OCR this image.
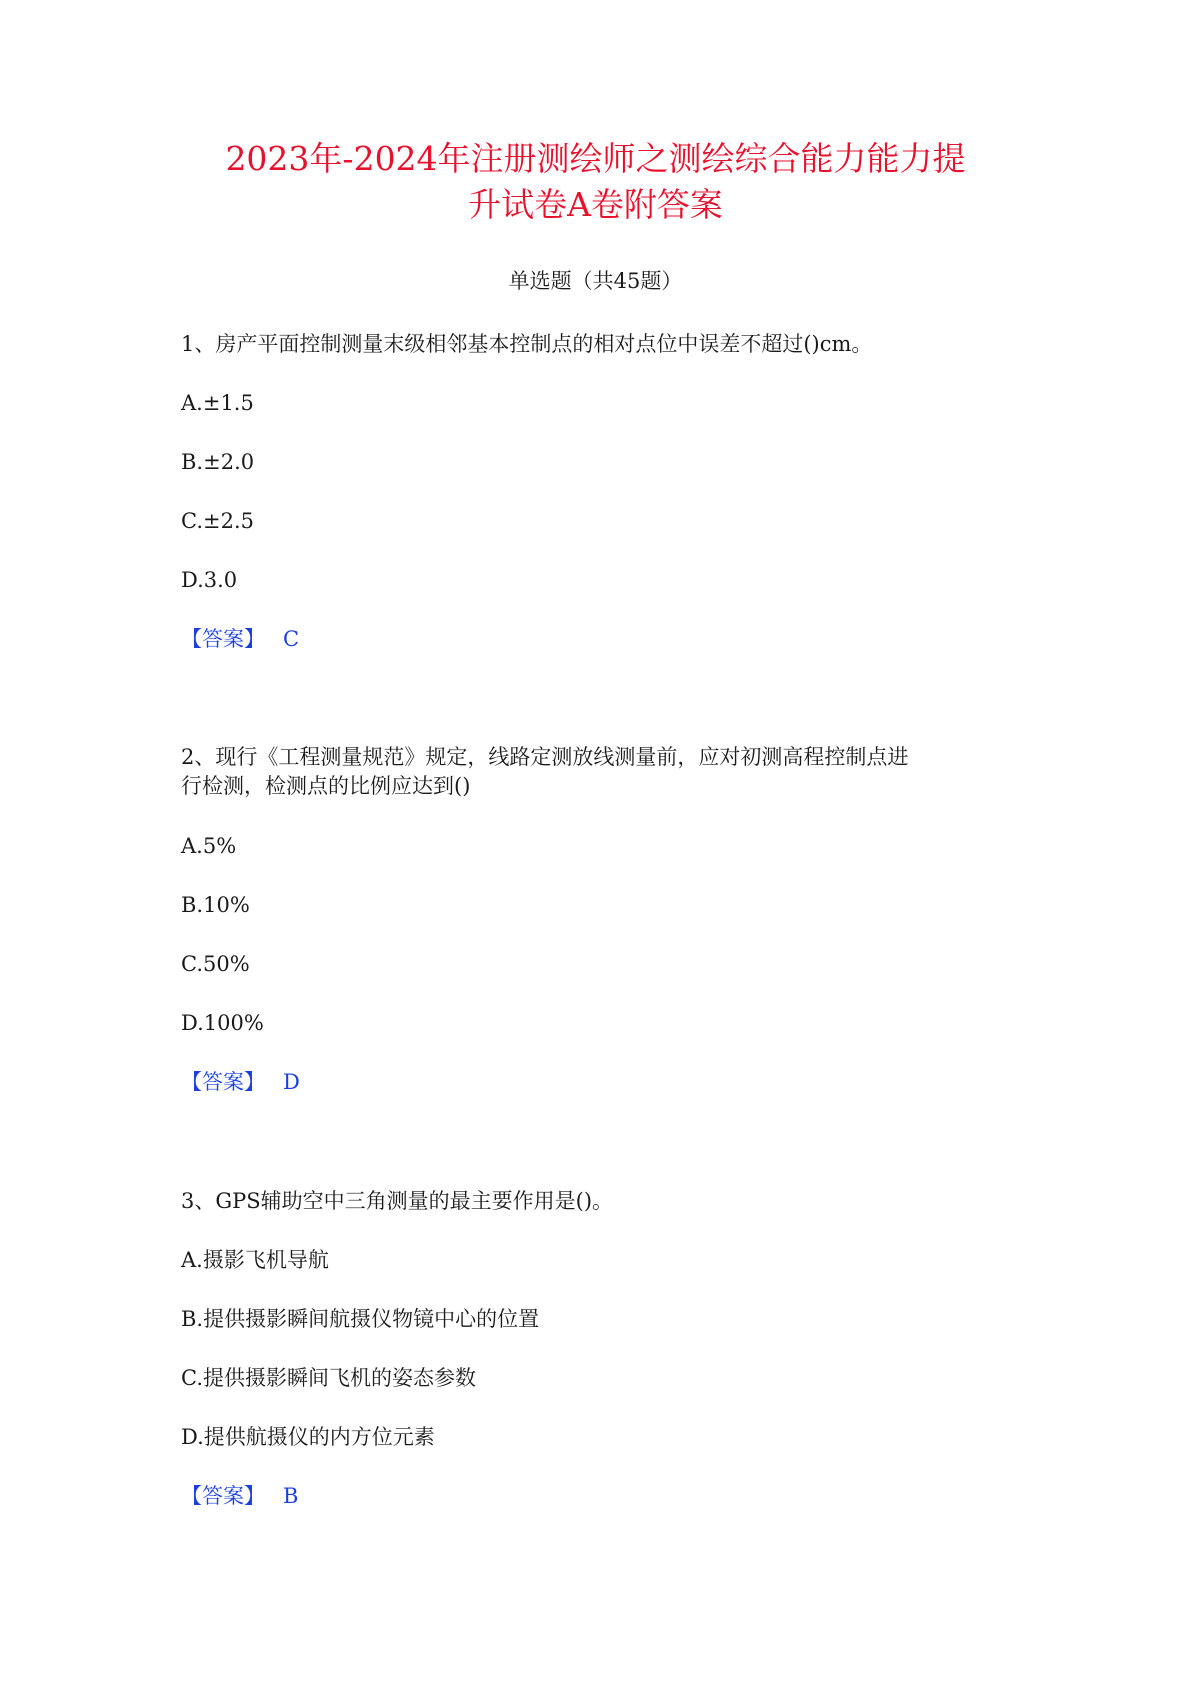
2023年-2024年注册测绘师之测绘综合能力能力提
升试卷A卷附答案
单选题（共45题）
1、房产平面控制测量末级相邻基本控制点的相对点位中误差不超过()cm。
A.±1.5
B.±2.0
C.±2.5
D.3.0
【答案】 C
2、现行《工程测量规范》规定，线路定测放线测量前，应对初测高程控制点进
行检测，检测点的比例应达到()
A.5%
B.10%
C.50%
D.100%
【答案】 D
3、GPS辅助空中三角测量的最主要作用是()。
A.摄影飞机导航
B.提供摄影瞬间航摄仪物镜中心的位置
C.提供摄影瞬间飞机的姿态参数
D.提供航摄仪的内方位元素
【答案】 B
